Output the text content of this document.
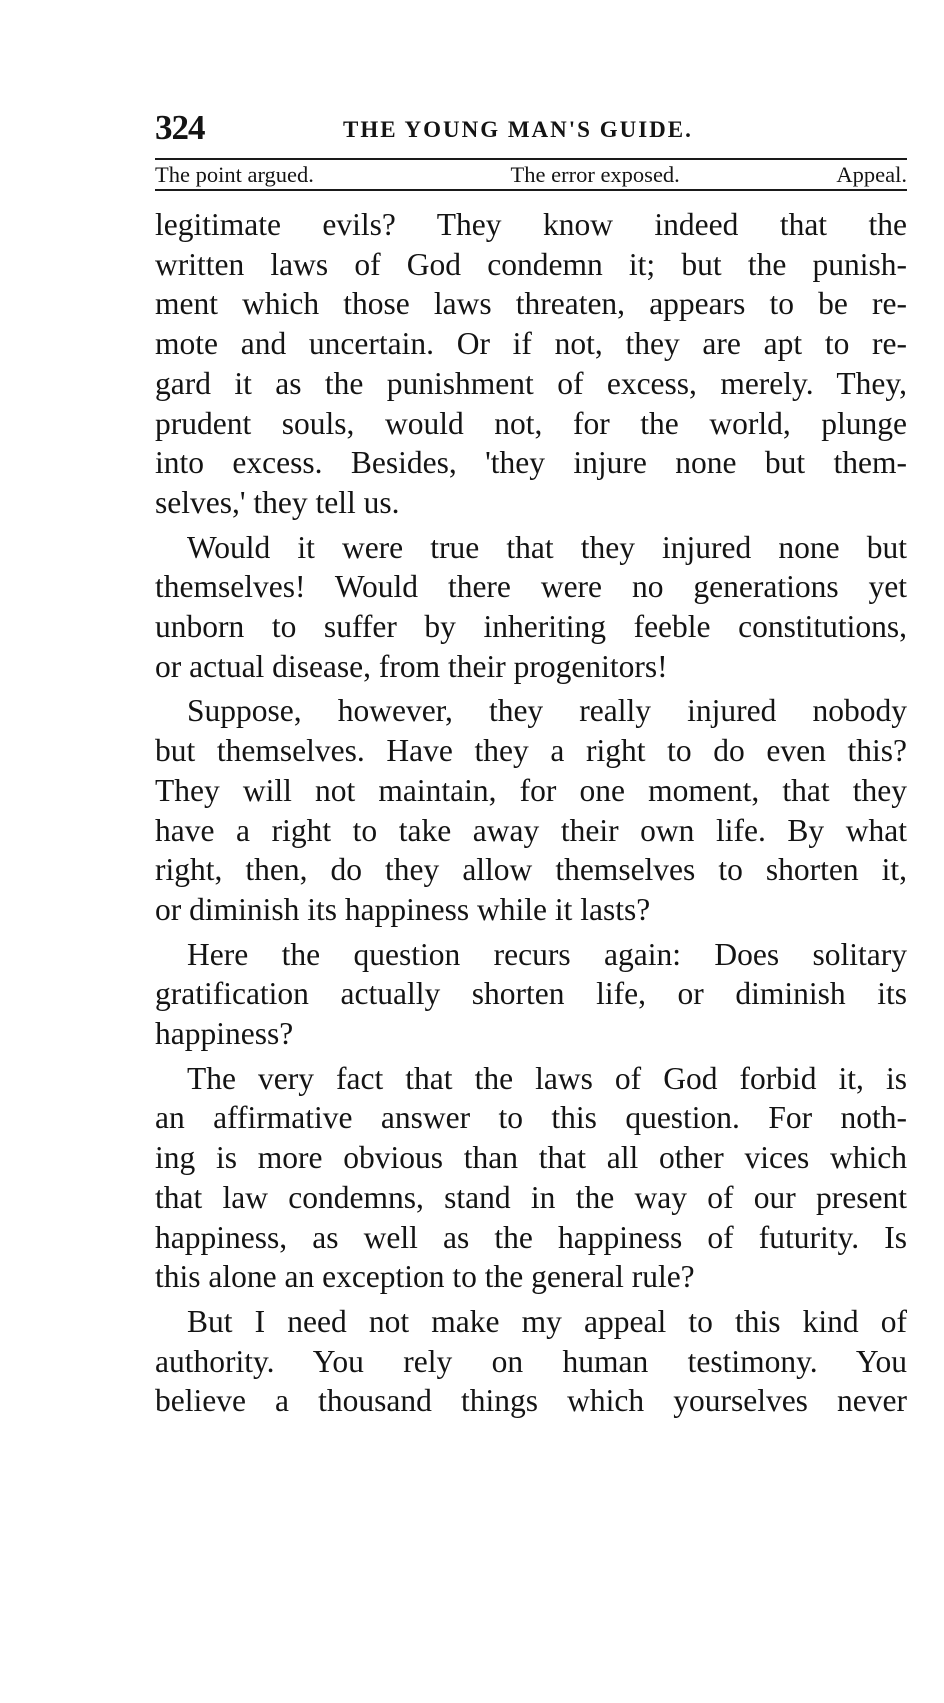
324	THE YOUNG MAN'S GUIDE.
The point argued.	The error exposed.	Appeal.

legitimate evils? They know indeed that the
written laws of God condemn it; but the punish-
ment which those laws threaten, appears to be re-
mote and uncertain. Or if not, they are apt to re-
gard it as the punishment of excess, merely. They,
prudent souls, would not, for the world, plunge
into excess. Besides, 'they injure none but them-
selves,' they tell us.

Would it were true that they injured none but
themselves! Would there were no generations yet
unborn to suffer by inheriting feeble constitutions,
or actual disease, from their progenitors!

Suppose, however, they really injured nobody
but themselves. Have they a right to do even this?
They will not maintain, for one moment, that they
have a right to take away their own life. By what
right, then, do they allow themselves to shorten it,
or diminish its happiness while it lasts?

Here the question recurs again: Does solitary
gratification actually shorten life, or diminish its
happiness?

The very fact that the laws of God forbid it, is
an affirmative answer to this question. For noth-
ing is more obvious than that all other vices which
that law condemns, stand in the way of our present
happiness, as well as the happiness of futurity. Is
this alone an exception to the general rule?

But I need not make my appeal to this kind of
authority. You rely on human testimony. You
believe a thousand things which yourselves never
